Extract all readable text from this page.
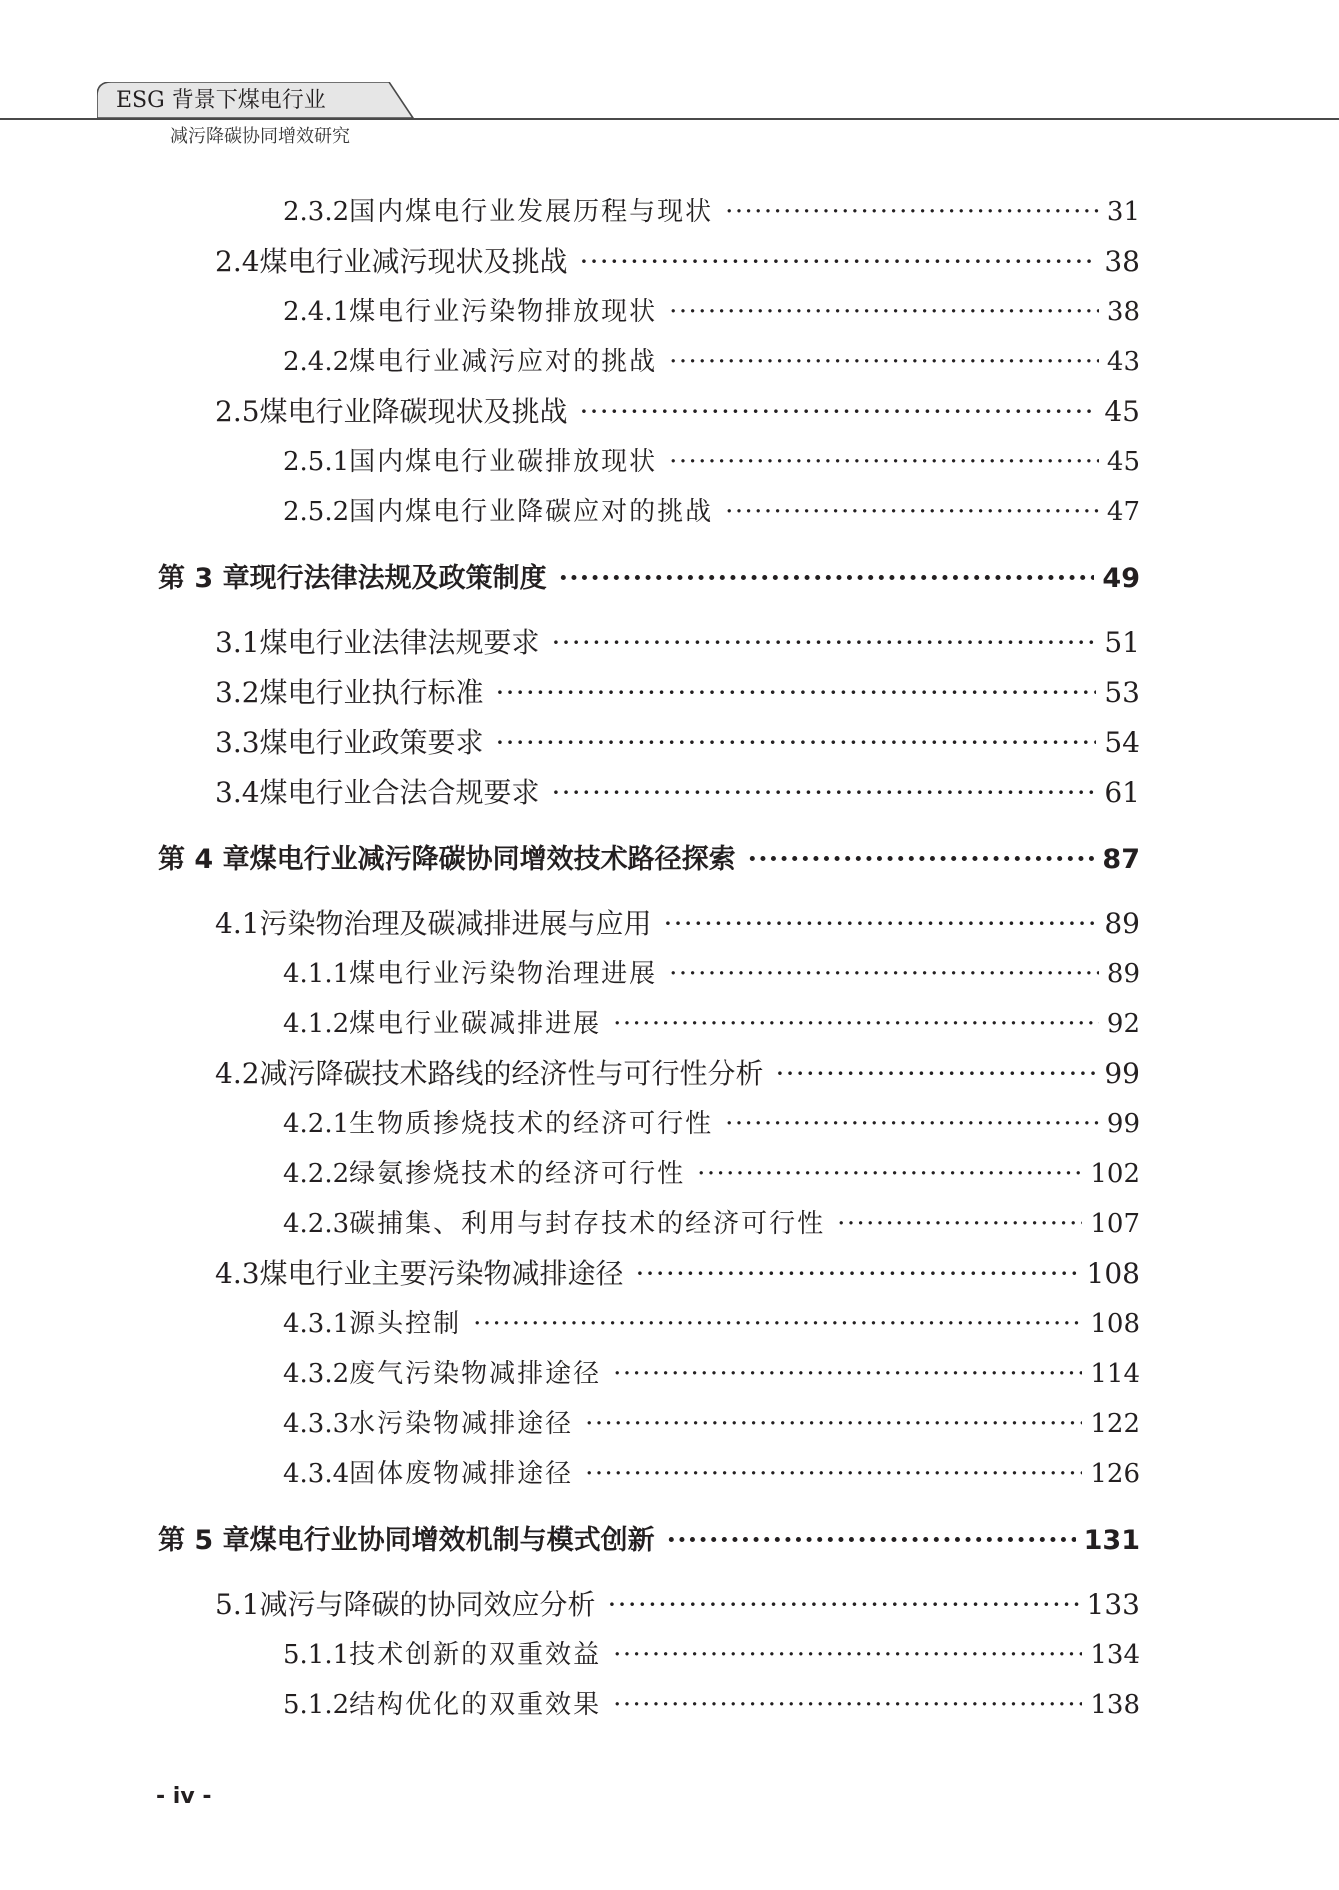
ESG 背景下煤电行业
减污降碳协同增效研究
2.3.2 国内煤电行业发展历程与现状 ·····	31
2.4 煤电行业减污现状及挑战 ·····	38
2.4.1 煤电行业污染物排放现状 ·····	38
2.4.2 煤电行业减污应对的挑战 ·····	43
2.5 煤电行业降碳现状及挑战 ·····	45
2.5.1 国内煤电行业碳排放现状 ·····	45
2.5.2 国内煤电行业降碳应对的挑战 ·····	47
第 3 章 现行法律法规及政策制度 ·····	49
3.1 煤电行业法律法规要求 ·····	51
3.2 煤电行业执行标准 ·····	53
3.3 煤电行业政策要求 ·····	54
3.4 煤电行业合法合规要求 ·····	61
第 4 章 煤电行业减污降碳协同增效技术路径探索 ·····	87
4.1 污染物治理及碳减排进展与应用 ·····	89
4.1.1 煤电行业污染物治理进展 ·····	89
4.1.2 煤电行业碳减排进展 ·····	92
4.2 减污降碳技术路线的经济性与可行性分析 ·····	99
4.2.1 生物质掺烧技术的经济可行性 ·····	99
4.2.2 绿氨掺烧技术的经济可行性 ·····	102
4.2.3 碳捕集、利用与封存技术的经济可行性 ·····	107
4.3 煤电行业主要污染物减排途径 ·····	108
4.3.1 源头控制 ·····	108
4.3.2 废气污染物减排途径 ·····	114
4.3.3 水污染物减排途径 ·····	122
4.3.4 固体废物减排途径 ·····	126
第 5 章 煤电行业协同增效机制与模式创新 ·····	131
5.1 减污与降碳的协同效应分析 ·····	133
5.1.1 技术创新的双重效益 ·····	134
5.1.2 结构优化的双重效果 ·····	138
- iv -
